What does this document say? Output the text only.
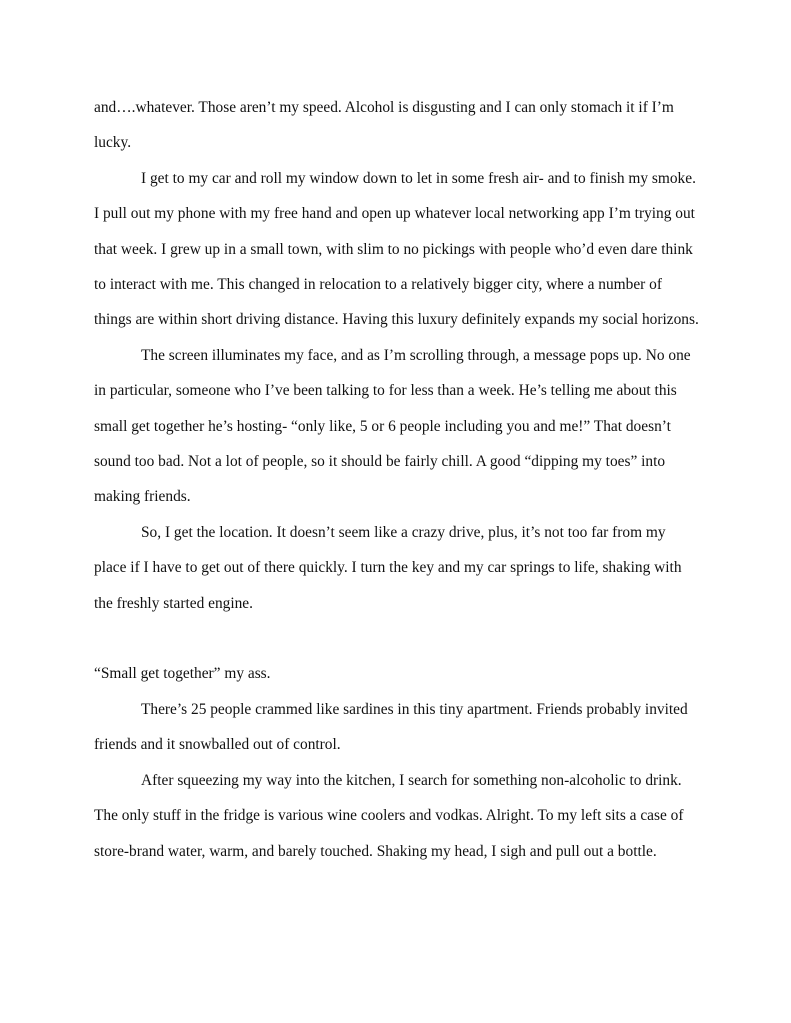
and….whatever. Those aren’t my speed. Alcohol is disgusting and I can only stomach it if I’m lucky.

I get to my car and roll my window down to let in some fresh air- and to finish my smoke. I pull out my phone with my free hand and open up whatever local networking app I’m trying out that week. I grew up in a small town, with slim to no pickings with people who’d even dare think to interact with me. This changed in relocation to a relatively bigger city, where a number of things are within short driving distance. Having this luxury definitely expands my social horizons.

The screen illuminates my face, and as I’m scrolling through, a message pops up. No one in particular, someone who I’ve been talking to for less than a week. He’s telling me about this small get together he’s hosting- “only like, 5 or 6 people including you and me!” That doesn’t sound too bad. Not a lot of people, so it should be fairly chill. A good “dipping my toes” into making friends.

So, I get the location. It doesn’t seem like a crazy drive, plus, it’s not too far from my place if I have to get out of there quickly. I turn the key and my car springs to life, shaking with the freshly started engine.

“Small get together” my ass.

There’s 25 people crammed like sardines in this tiny apartment. Friends probably invited friends and it snowballed out of control.

After squeezing my way into the kitchen, I search for something non-alcoholic to drink. The only stuff in the fridge is various wine coolers and vodkas. Alright. To my left sits a case of store-brand water, warm, and barely touched. Shaking my head, I sigh and pull out a bottle.
